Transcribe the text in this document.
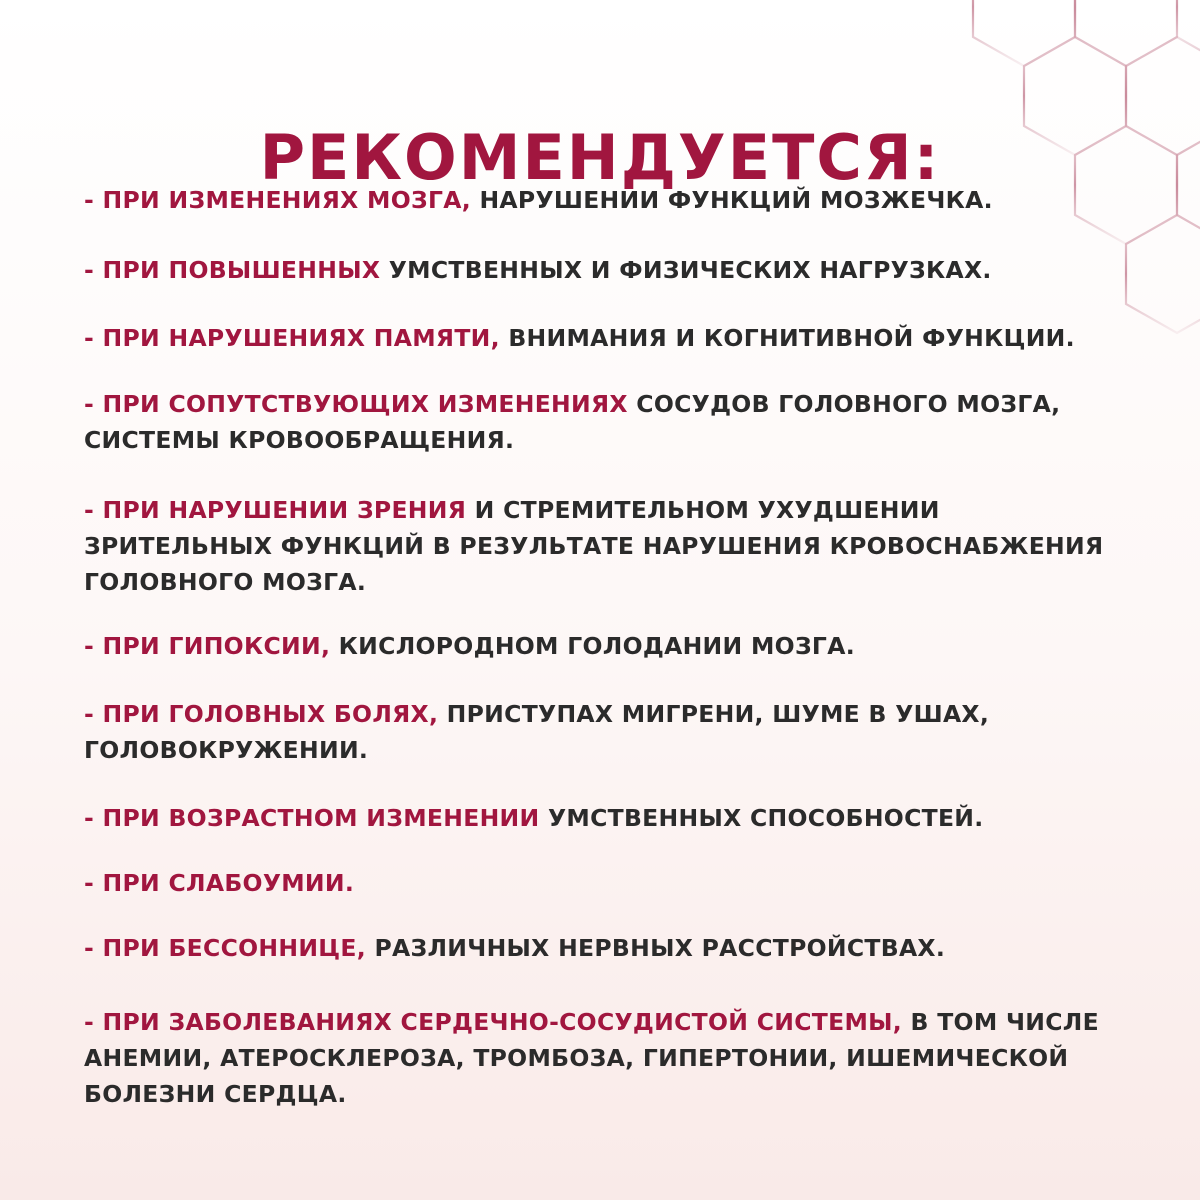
РЕКОМЕНДУЕТСЯ:
- ПРИ ИЗМЕНЕНИЯХ МОЗГА, НАРУШЕНИИ ФУНКЦИЙ МОЗЖЕЧКА.
- ПРИ ПОВЫШЕННЫХ УМСТВЕННЫХ И ФИЗИЧЕСКИХ НАГРУЗКАХ.
- ПРИ НАРУШЕНИЯХ ПАМЯТИ, ВНИМАНИЯ И КОГНИТИВНОЙ ФУНКЦИИ.
- ПРИ СОПУТСТВУЮЩИХ ИЗМЕНЕНИЯХ СОСУДОВ ГОЛОВНОГО МОЗГА,
СИСТЕМЫ КРОВООБРАЩЕНИЯ.
- ПРИ НАРУШЕНИИ ЗРЕНИЯ И СТРЕМИТЕЛЬНОМ УХУДШЕНИИ
ЗРИТЕЛЬНЫХ ФУНКЦИЙ В РЕЗУЛЬТАТЕ НАРУШЕНИЯ КРОВОСНАБЖЕНИЯ
ГОЛОВНОГО МОЗГА.
- ПРИ ГИПОКСИИ, КИСЛОРОДНОМ ГОЛОДАНИИ МОЗГА.
- ПРИ ГОЛОВНЫХ БОЛЯХ, ПРИСТУПАХ МИГРЕНИ, ШУМЕ В УШАХ,
ГОЛОВОКРУЖЕНИИ.
- ПРИ ВОЗРАСТНОМ ИЗМЕНЕНИИ УМСТВЕННЫХ СПОСОБНОСТЕЙ.
- ПРИ СЛАБОУМИИ.
- ПРИ БЕССОННИЦЕ, РАЗЛИЧНЫХ НЕРВНЫХ РАССТРОЙСТВАХ.
- ПРИ ЗАБОЛЕВАНИЯХ СЕРДЕЧНО-СОСУДИСТОЙ СИСТЕМЫ, В ТОМ ЧИСЛЕ
АНЕМИИ, АТЕРОСКЛЕРОЗА, ТРОМБОЗА, ГИПЕРТОНИИ, ИШЕМИЧЕСКОЙ
БОЛЕЗНИ СЕРДЦА.
